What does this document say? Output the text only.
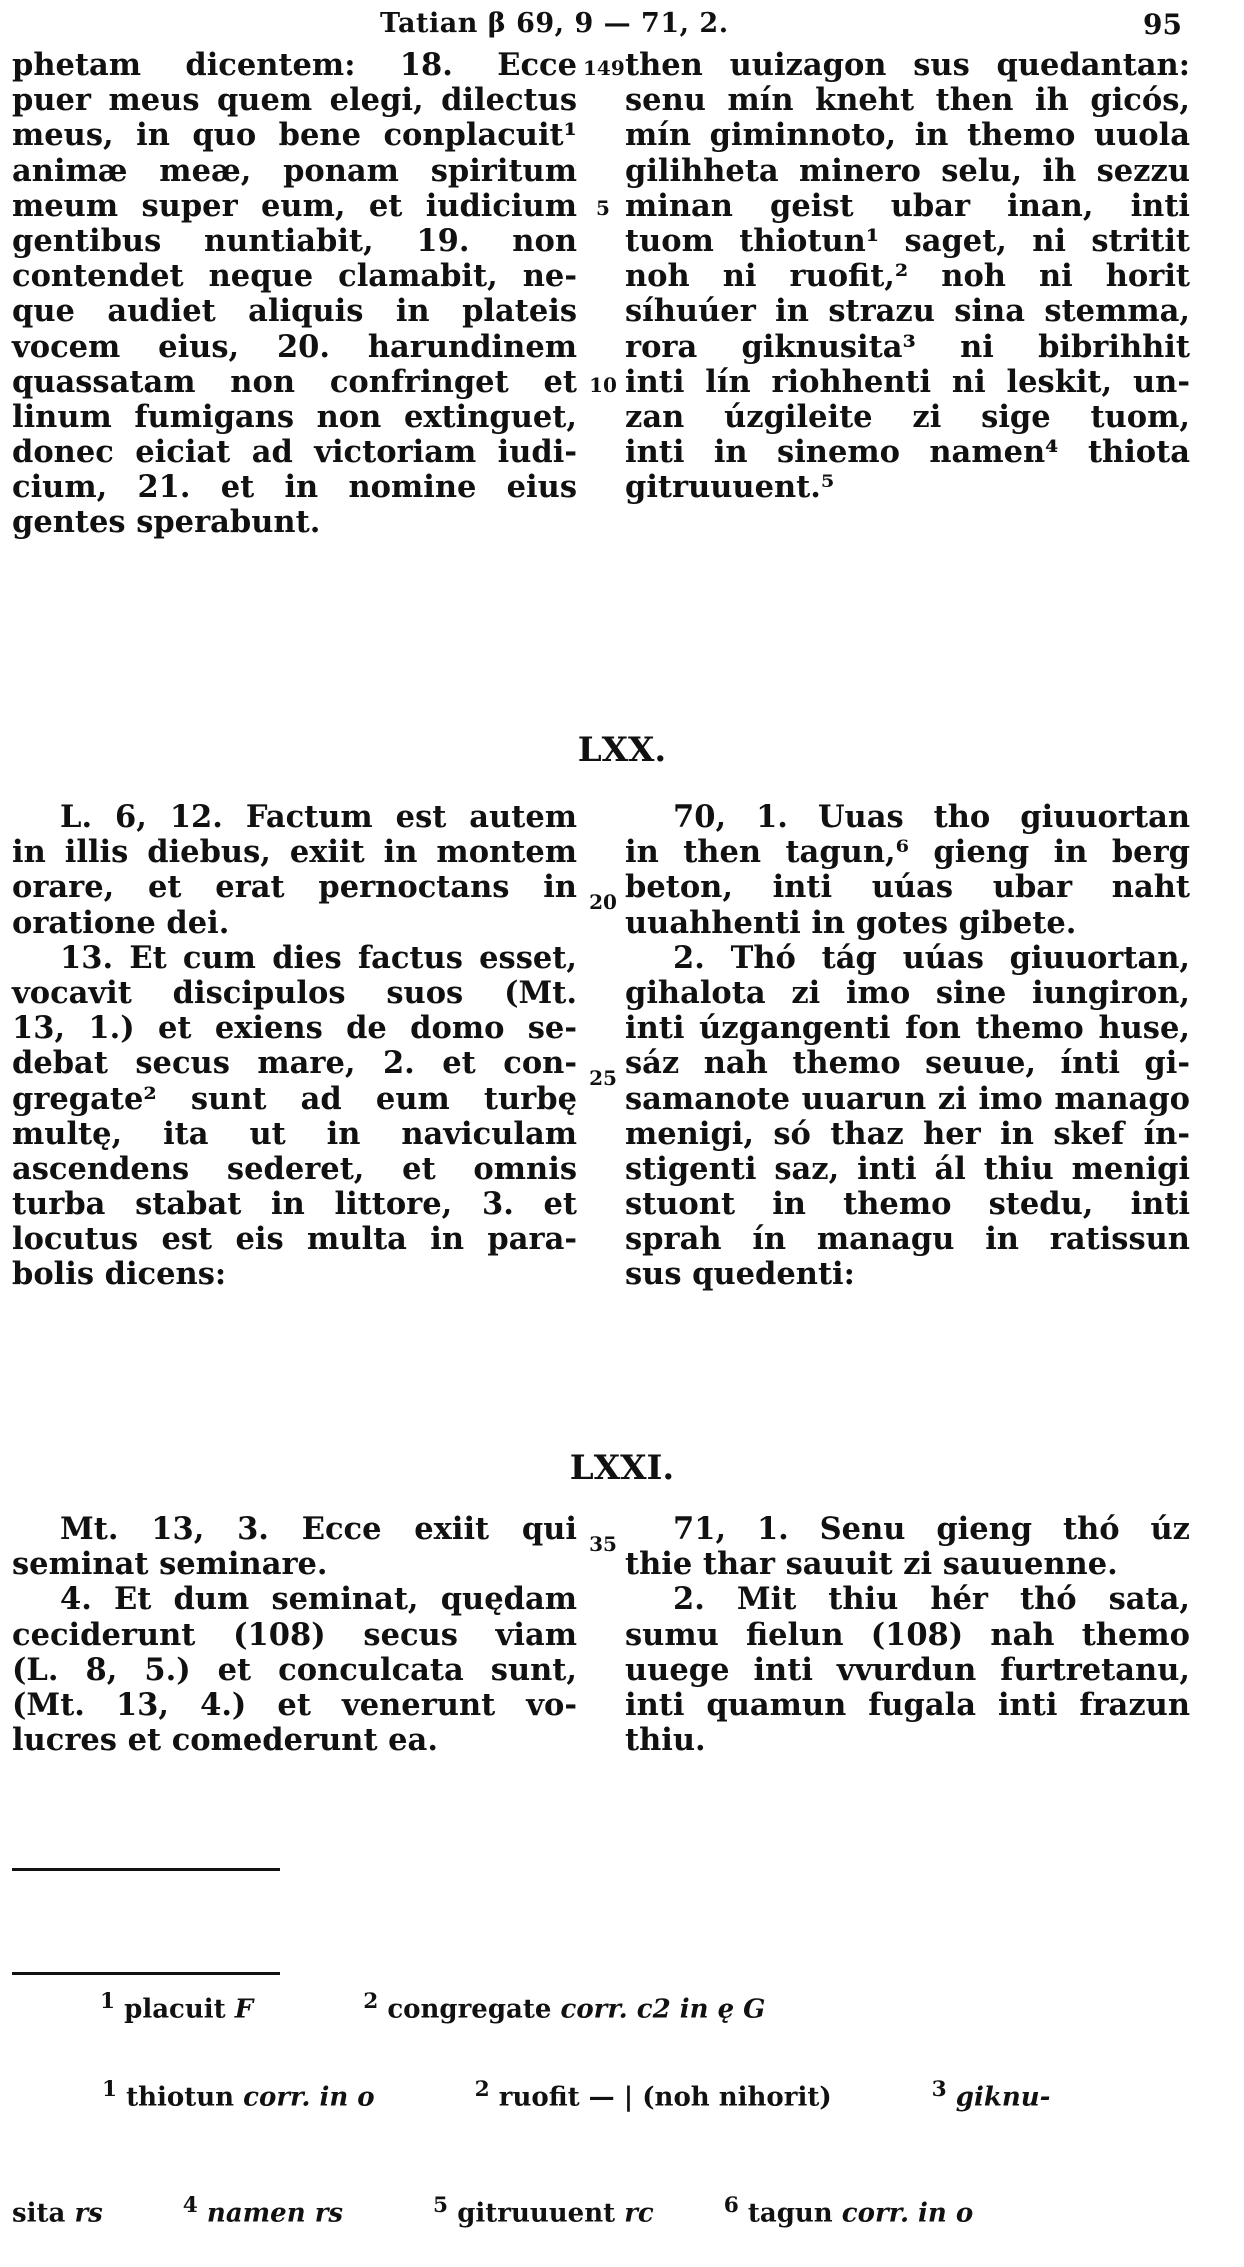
Tatian β 69, 9 — 71, 2.	95
phetam dicentem: 18. Ecce
puer meus quem elegi, dilectus
meus, in quo bene conplacuit¹
animæ meæ, ponam spiritum
meum super eum, et iudicium
gentibus nuntiabit, 19. non
contendet neque clamabit, ne-
que audiet aliquis in plateis
vocem eius, 20. harundinem
quassatam non confringet et
linum fumigans non extinguet,
donec eiciat ad victoriam iudi-
cium, 21. et in nomine eius
gentes sperabunt.
then uuizagon sus quedantan:
senu mín kneht then ih gicós,
mín giminnoto, in themo uuola
gilihheta minero selu, ih sezzu
minan geist ubar inan, inti
tuom thiotun¹ saget, ni stritit
noh ni ruofit,² noh ni horit
síhuúer in strazu sina stemma,
rora giknusita³ ni bibrihhit
inti lín riohhenti ni leskit, un-
zan úzgileite zi sige tuom,
inti in sinemo namen⁴ thiota
gitruuuent.⁵
149
5
10
20
25
35
LXX.
L. 6, 12. Factum est autem
in illis diebus, exiit in montem
orare, et erat pernoctans in
oratione dei.
13. Et cum dies factus esset,
vocavit discipulos suos (Mt.
13, 1.) et exiens de domo se-
debat secus mare, 2. et con-
gregate² sunt ad eum turbę
multę, ita ut in naviculam
ascendens sederet, et omnis
turba stabat in littore, 3. et
locutus est eis multa in para-
bolis dicens:
70, 1. Uuas tho giuuortan
in then tagun,⁶ gieng in berg
beton, inti uúas ubar naht
uuahhenti in gotes gibete.
2. Thó tág uúas giuuortan,
gihalota zi imo sine iungiron,
inti úzgangenti fon themo huse,
sáz nah themo seuue, ínti gi-
samanote uuarun zi imo managо
menigi, só thaz her in skef ín-
stigenti saz, inti ál thiu menigi
stuont in themo stedu, inti
sprah ín managu in ratissun
sus quedenti:
LXXI.
Mt. 13, 3. Ecce exiit qui
seminat seminare.
4. Et dum seminat, quędam
ceciderunt (108) secus viam
(L. 8, 5.) et conculcata sunt,
(Mt. 13, 4.) et venerunt vo-
lucres et comederunt ea.
71, 1. Senu gieng thó úz
thie thar sauuit zi sauuenne.
2. Mit thiu hér thó sata,
sumu fielun (108) nah themo
uuege inti vvurdun furtretanu,
inti quamun fugala inti frazun
thiu.

$^1$ placuit F	$^2$ congregate corr. c2 in ę G

$^1$ thiotun corr. in o	$^2$ ruofit — | (noh nihorit)	$^3$ giknu-

sita rs	$^4$ namen rs	$^5$ gitruuuent rc	$^6$ tagun corr. in o
